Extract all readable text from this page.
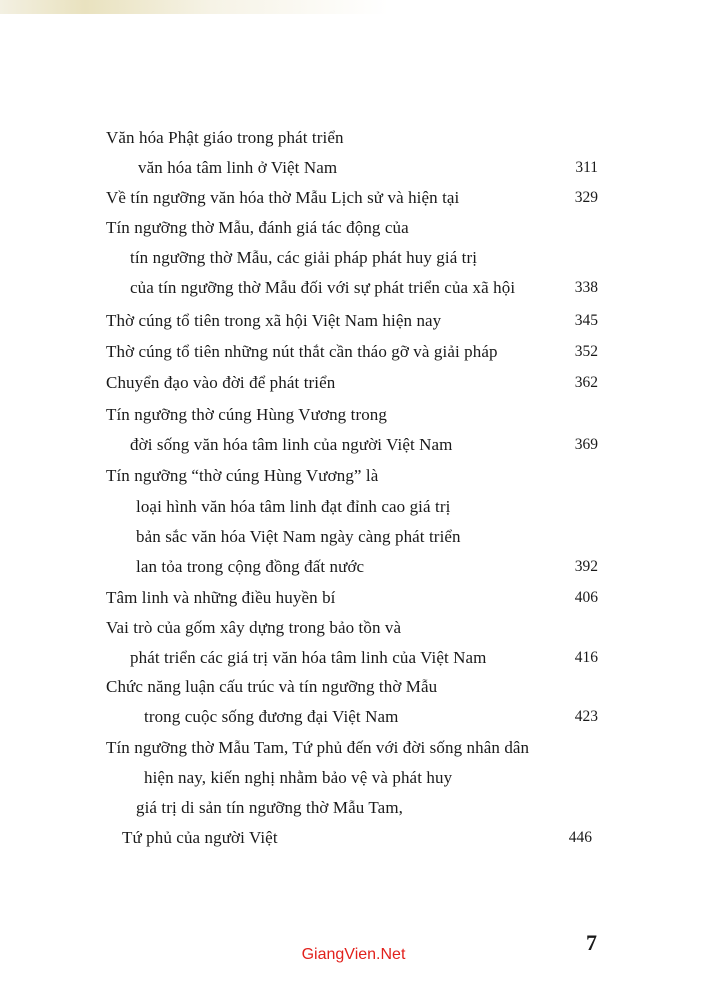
Văn hóa Phật giáo trong phát triển
văn hóa tâm linh ở Việt Nam	311
Về tín ngưỡng văn hóa thờ Mẫu Lịch sử và hiện tại	329
Tín ngưỡng thờ Mẫu, đánh giá tác động của
tín ngưỡng thờ Mẫu, các giải pháp phát huy giá trị
của tín ngưỡng thờ Mẫu đối với sự phát triển của xã hội	338
Thờ cúng tổ tiên trong xã hội Việt Nam hiện nay	345
Thờ cúng tổ tiên những nút thắt cần tháo gỡ và giải pháp	352
Chuyển đạo vào đời để phát triển	362
Tín ngưỡng thờ cúng Hùng Vương trong
đời sống văn hóa tâm linh của người Việt Nam	369
Tín ngưỡng “thờ cúng Hùng Vương” là
loại hình văn hóa tâm linh đạt đỉnh cao giá trị
bản sắc văn hóa Việt Nam ngày càng phát triển
lan tỏa trong cộng đồng đất nước	392
Tâm linh và những điều huyền bí	406
Vai trò của gốm xây dựng trong bảo tồn và
phát triển các giá trị văn hóa tâm linh của Việt Nam	416
Chức năng luận cấu trúc và tín ngưỡng thờ Mẫu
trong cuộc sống đương đại Việt Nam	423
Tín ngưỡng thờ Mẫu Tam, Tứ phủ đến với đời sống nhân dân
hiện nay, kiến nghị nhằm bảo vệ và phát huy
giá trị di sản tín ngưỡng thờ Mẫu Tam,
Tứ phủ của người Việt	446
7
GiangVien.Net
